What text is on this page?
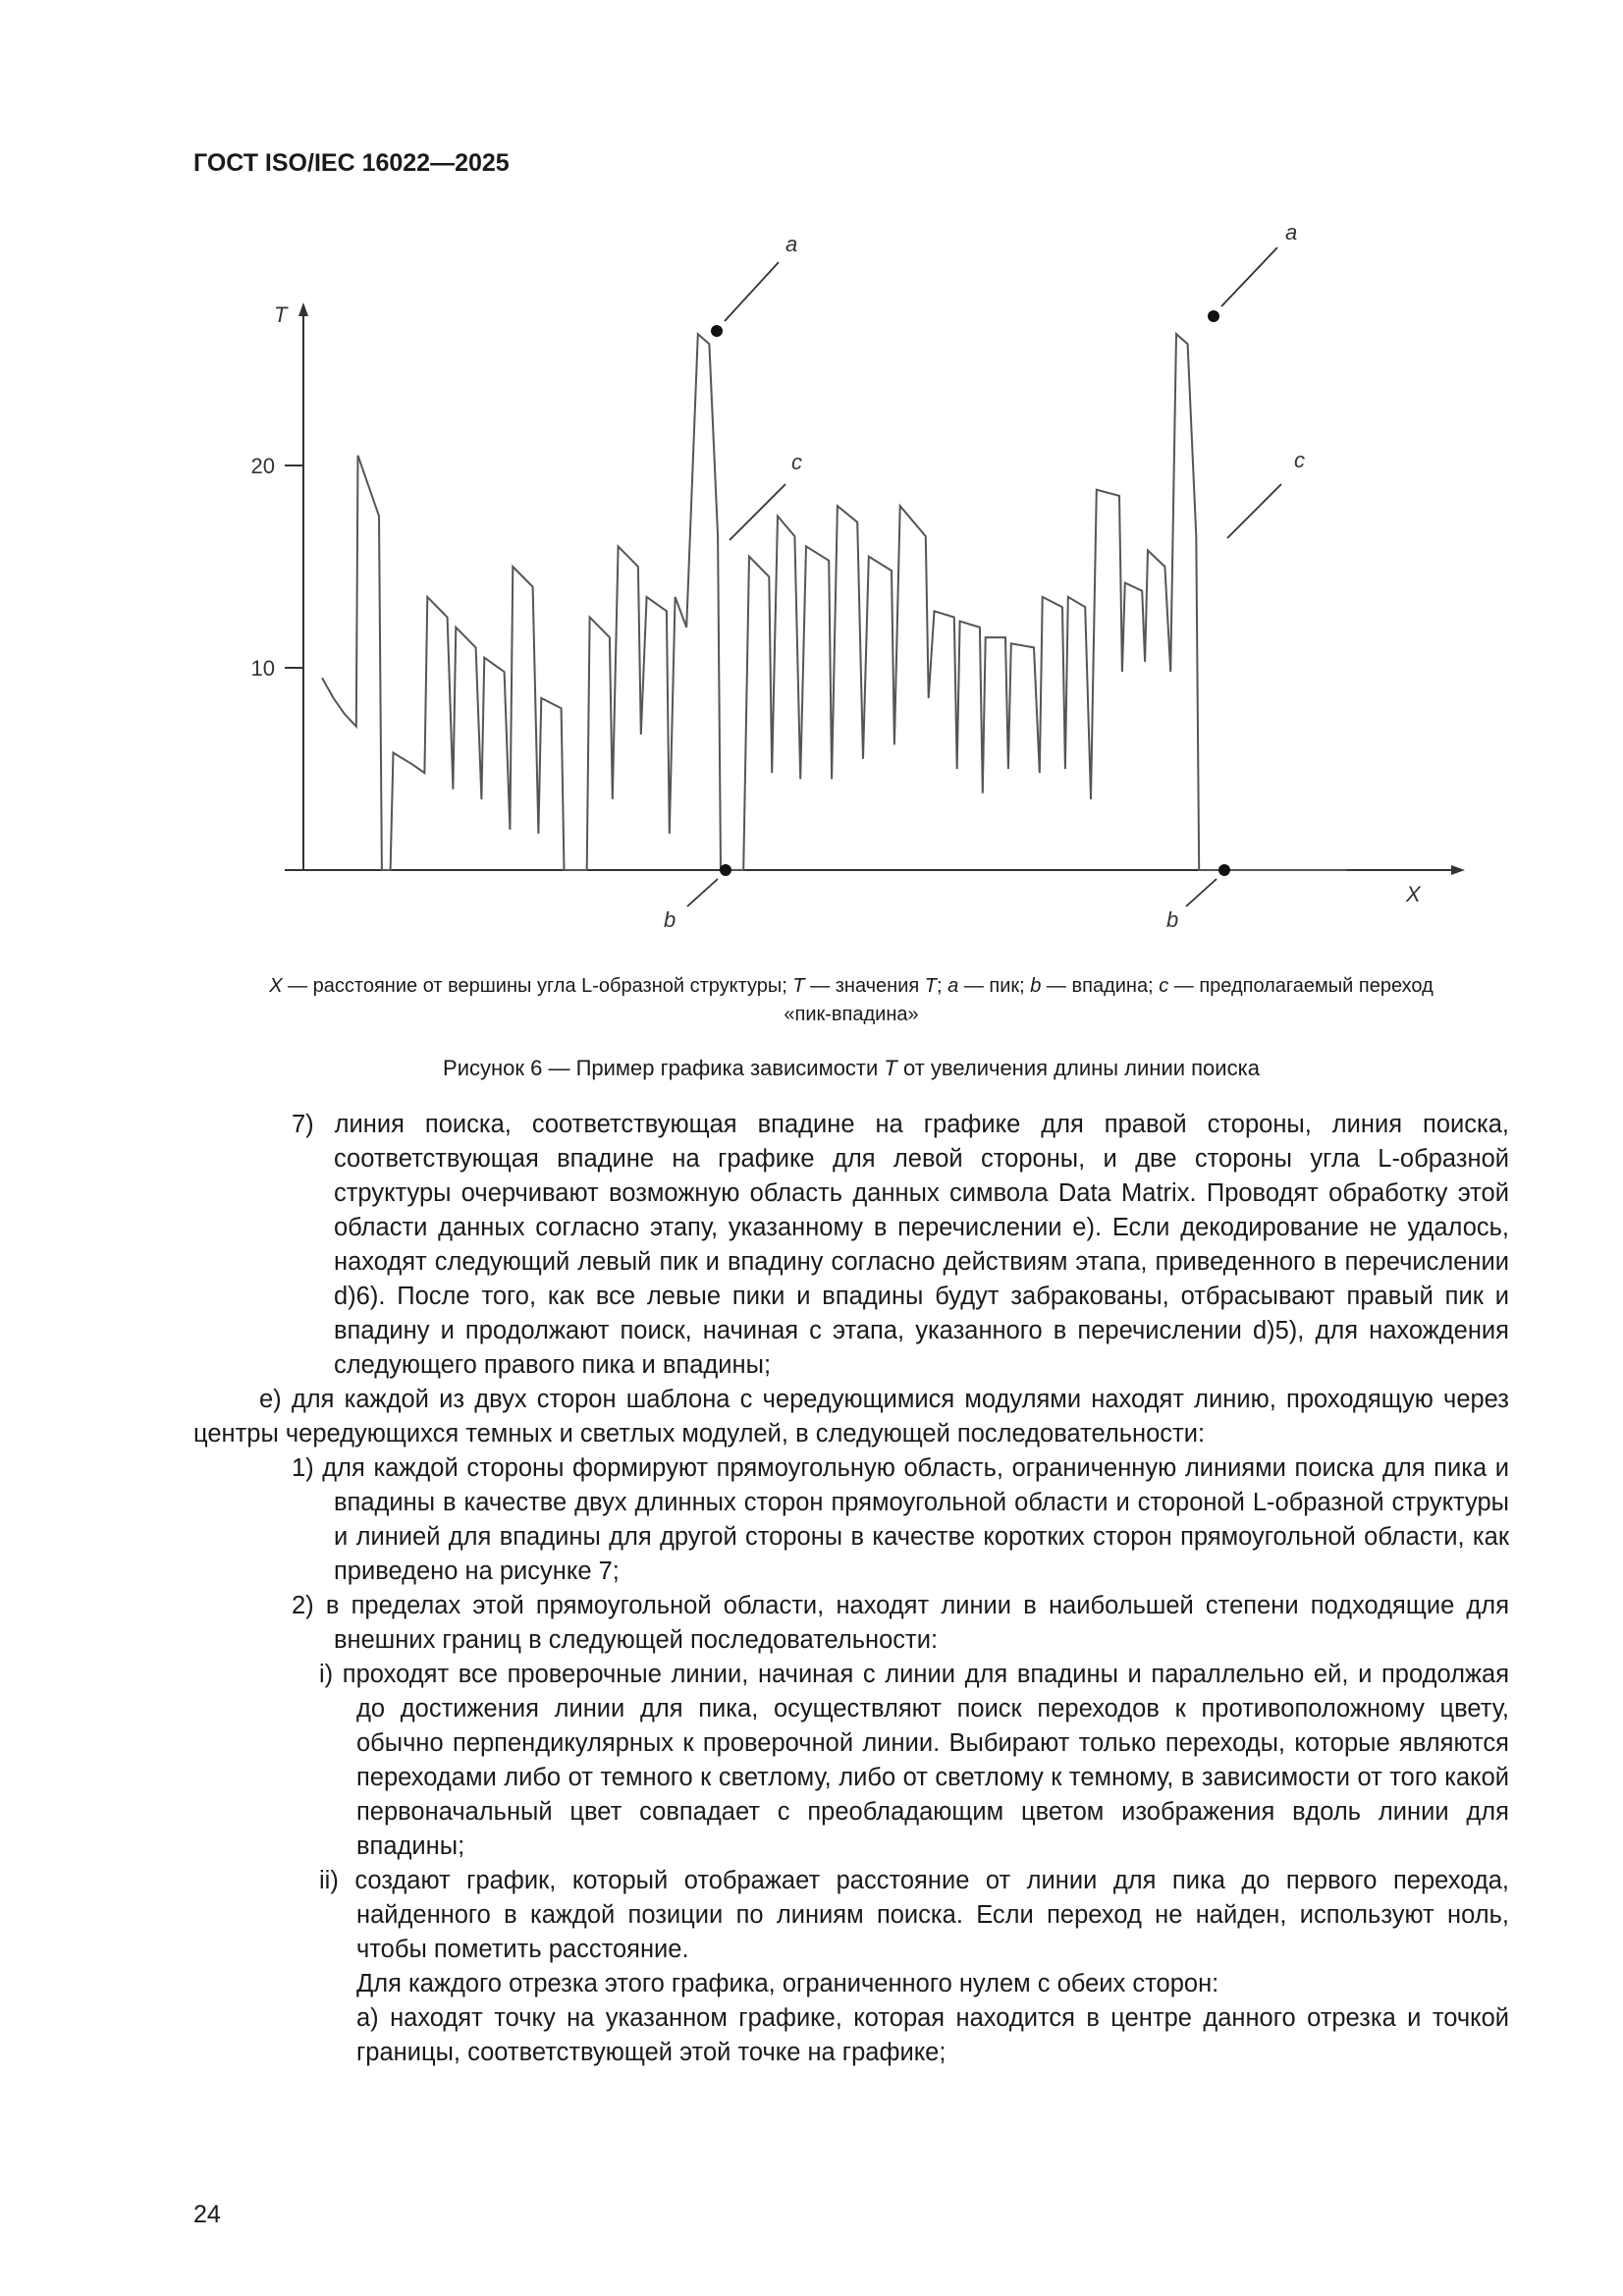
ГОСТ ISO/IEC 16022—2025
T
X
10
20
a	a
c	c
b	b
X — расстояние от вершины угла L-образной структуры; T — значения T; a — пик; b — впадина; c — предполагаемый переход
«пик-впадина»
Рисунок 6 — Пример графика зависимости T от увеличения длины линии поиска

7) линия поиска, соответствующая впадине на графике для правой стороны, линия поиска, соответствующая впадине на графике для левой стороны, и две стороны угла L-образной структуры очерчивают возможную область данных символа Data Matrix. Проводят обработку этой области данных согласно этапу, указанному в перечислении е). Если декодирование не удалось, находят следующий левый пик и впадину согласно действиям этапа, приведенного в перечислении d)6). После того, как все левые пики и впадины будут забракованы, отбрасывают правый пик и впадину и продолжают поиск, начиная с этапа, указанного в перечислении d)5), для нахождения следующего правого пика и впадины;

е) для каждой из двух сторон шаблона с чередующимися модулями находят линию, проходящую через центры чередующихся темных и светлых модулей, в следующей последовательности:

1) для каждой стороны формируют прямоугольную область, ограниченную линиями поиска для пика и впадины в качестве двух длинных сторон прямоугольной области и стороной L-образной структуры и линией для впадины для другой стороны в качестве коротких сторон прямоугольной области, как приведено на рисунке 7;

2) в пределах этой прямоугольной области, находят линии в наибольшей степени подходящие для внешних границ в следующей последовательности:

i) проходят все проверочные линии, начиная с линии для впадины и параллельно ей, и продолжая до достижения линии для пика, осуществляют поиск переходов к противоположному цвету, обычно перпендикулярных к проверочной линии. Выбирают только переходы, которые являются переходами либо от темного к светлому, либо от светлому к темному, в зависимости от того какой первоначальный цвет совпадает с преобладающим цветом изображения вдоль линии для впадины;

ii) создают график, который отображает расстояние от линии для пика до первого перехода, найденного в каждой позиции по линиям поиска. Если переход не найден, используют ноль, чтобы пометить расстояние.

Для каждого отрезка этого графика, ограниченного нулем с обеих сторон:

а) находят точку на указанном графике, которая находится в центре данного отрезка и точкой границы, соответствующей этой точке на графике;

24
